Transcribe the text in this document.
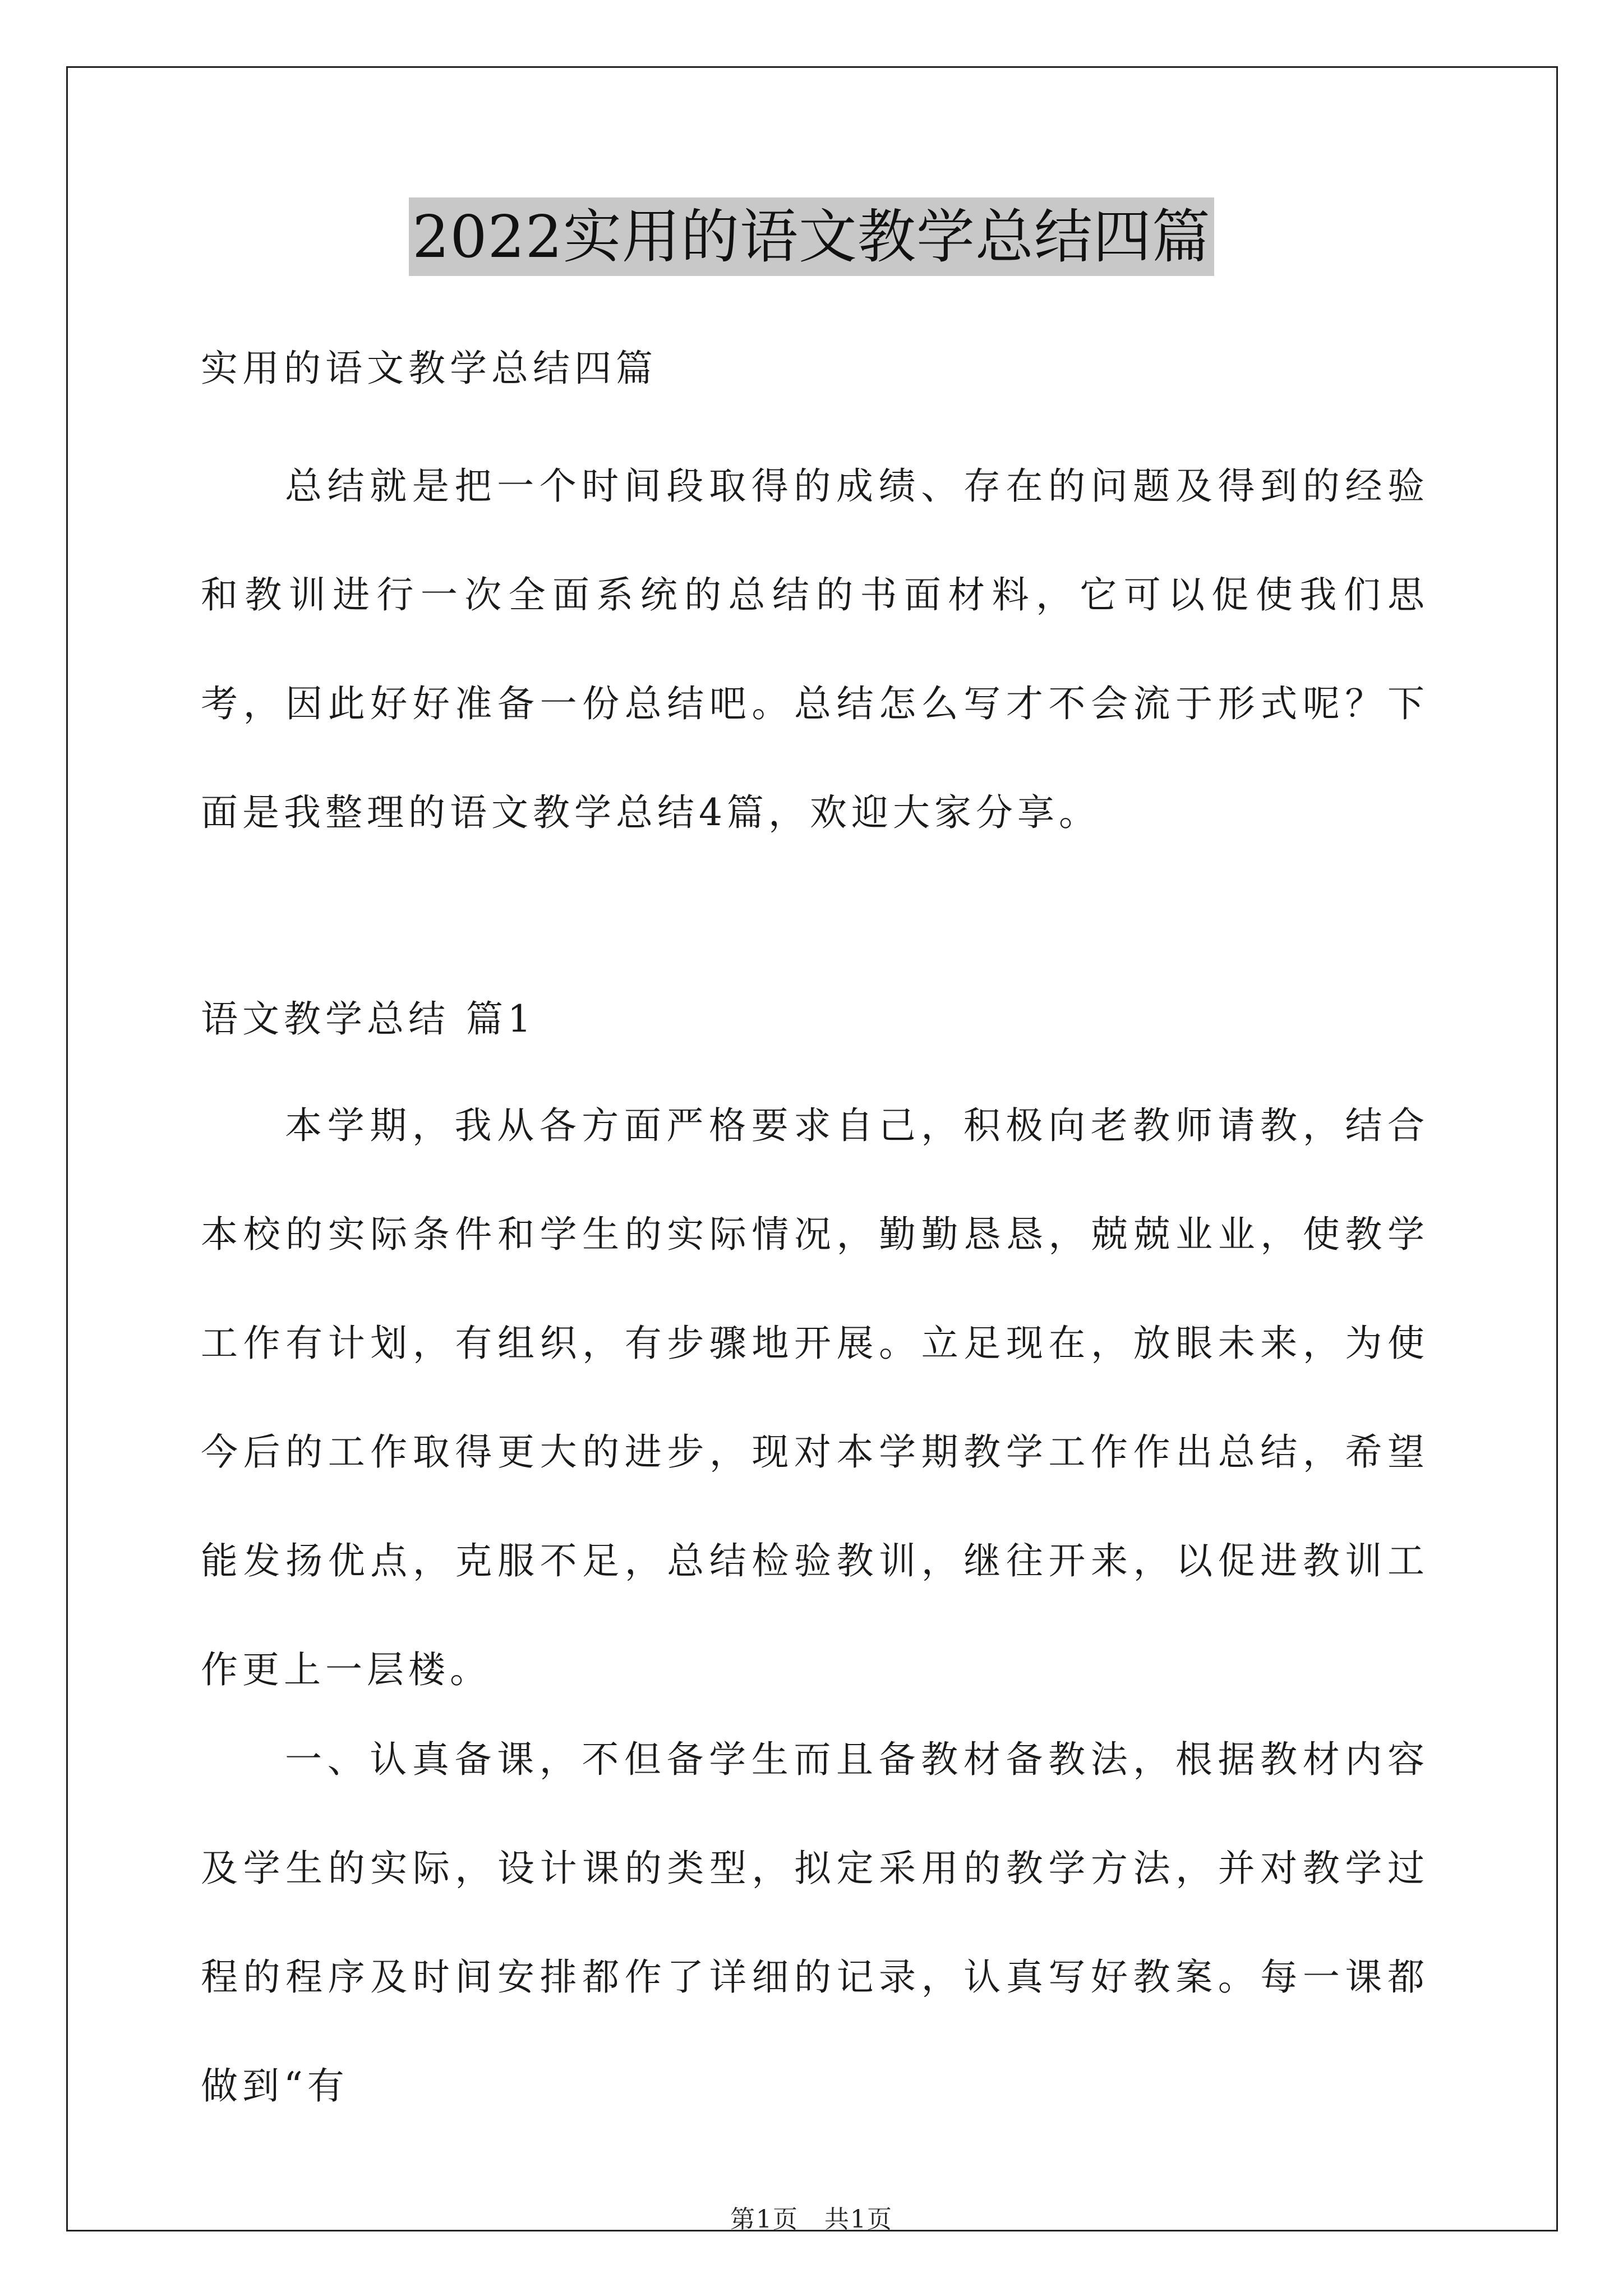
2022实用的语文教学总结四篇

实用的语文教学总结四篇

总结就是把一个时间段取得的成绩、存在的问题及得到的经验和教训进行一次全面系统的总结的书面材料，它可以促使我们思考，因此好好准备一份总结吧。总结怎么写才不会流于形式呢？下面是我整理的语文教学总结4篇，欢迎大家分享。

语文教学总结 篇1

本学期，我从各方面严格要求自己，积极向老教师请教，结合本校的实际条件和学生的实际情况，勤勤恳恳，兢兢业业，使教学工作有计划，有组织，有步骤地开展。立足现在，放眼未来，为使今后的工作取得更大的进步，现对本学期教学工作作出总结，希望能发扬优点，克服不足，总结检验教训，继往开来，以促进教训工作更上一层楼。

一、认真备课，不但备学生而且备教材备教法，根据教材内容及学生的实际，设计课的类型，拟定采用的教学方法，并对教学过程的程序及时间安排都作了详细的记录，认真写好教案。每一课都做到“有

第1页　共1页
